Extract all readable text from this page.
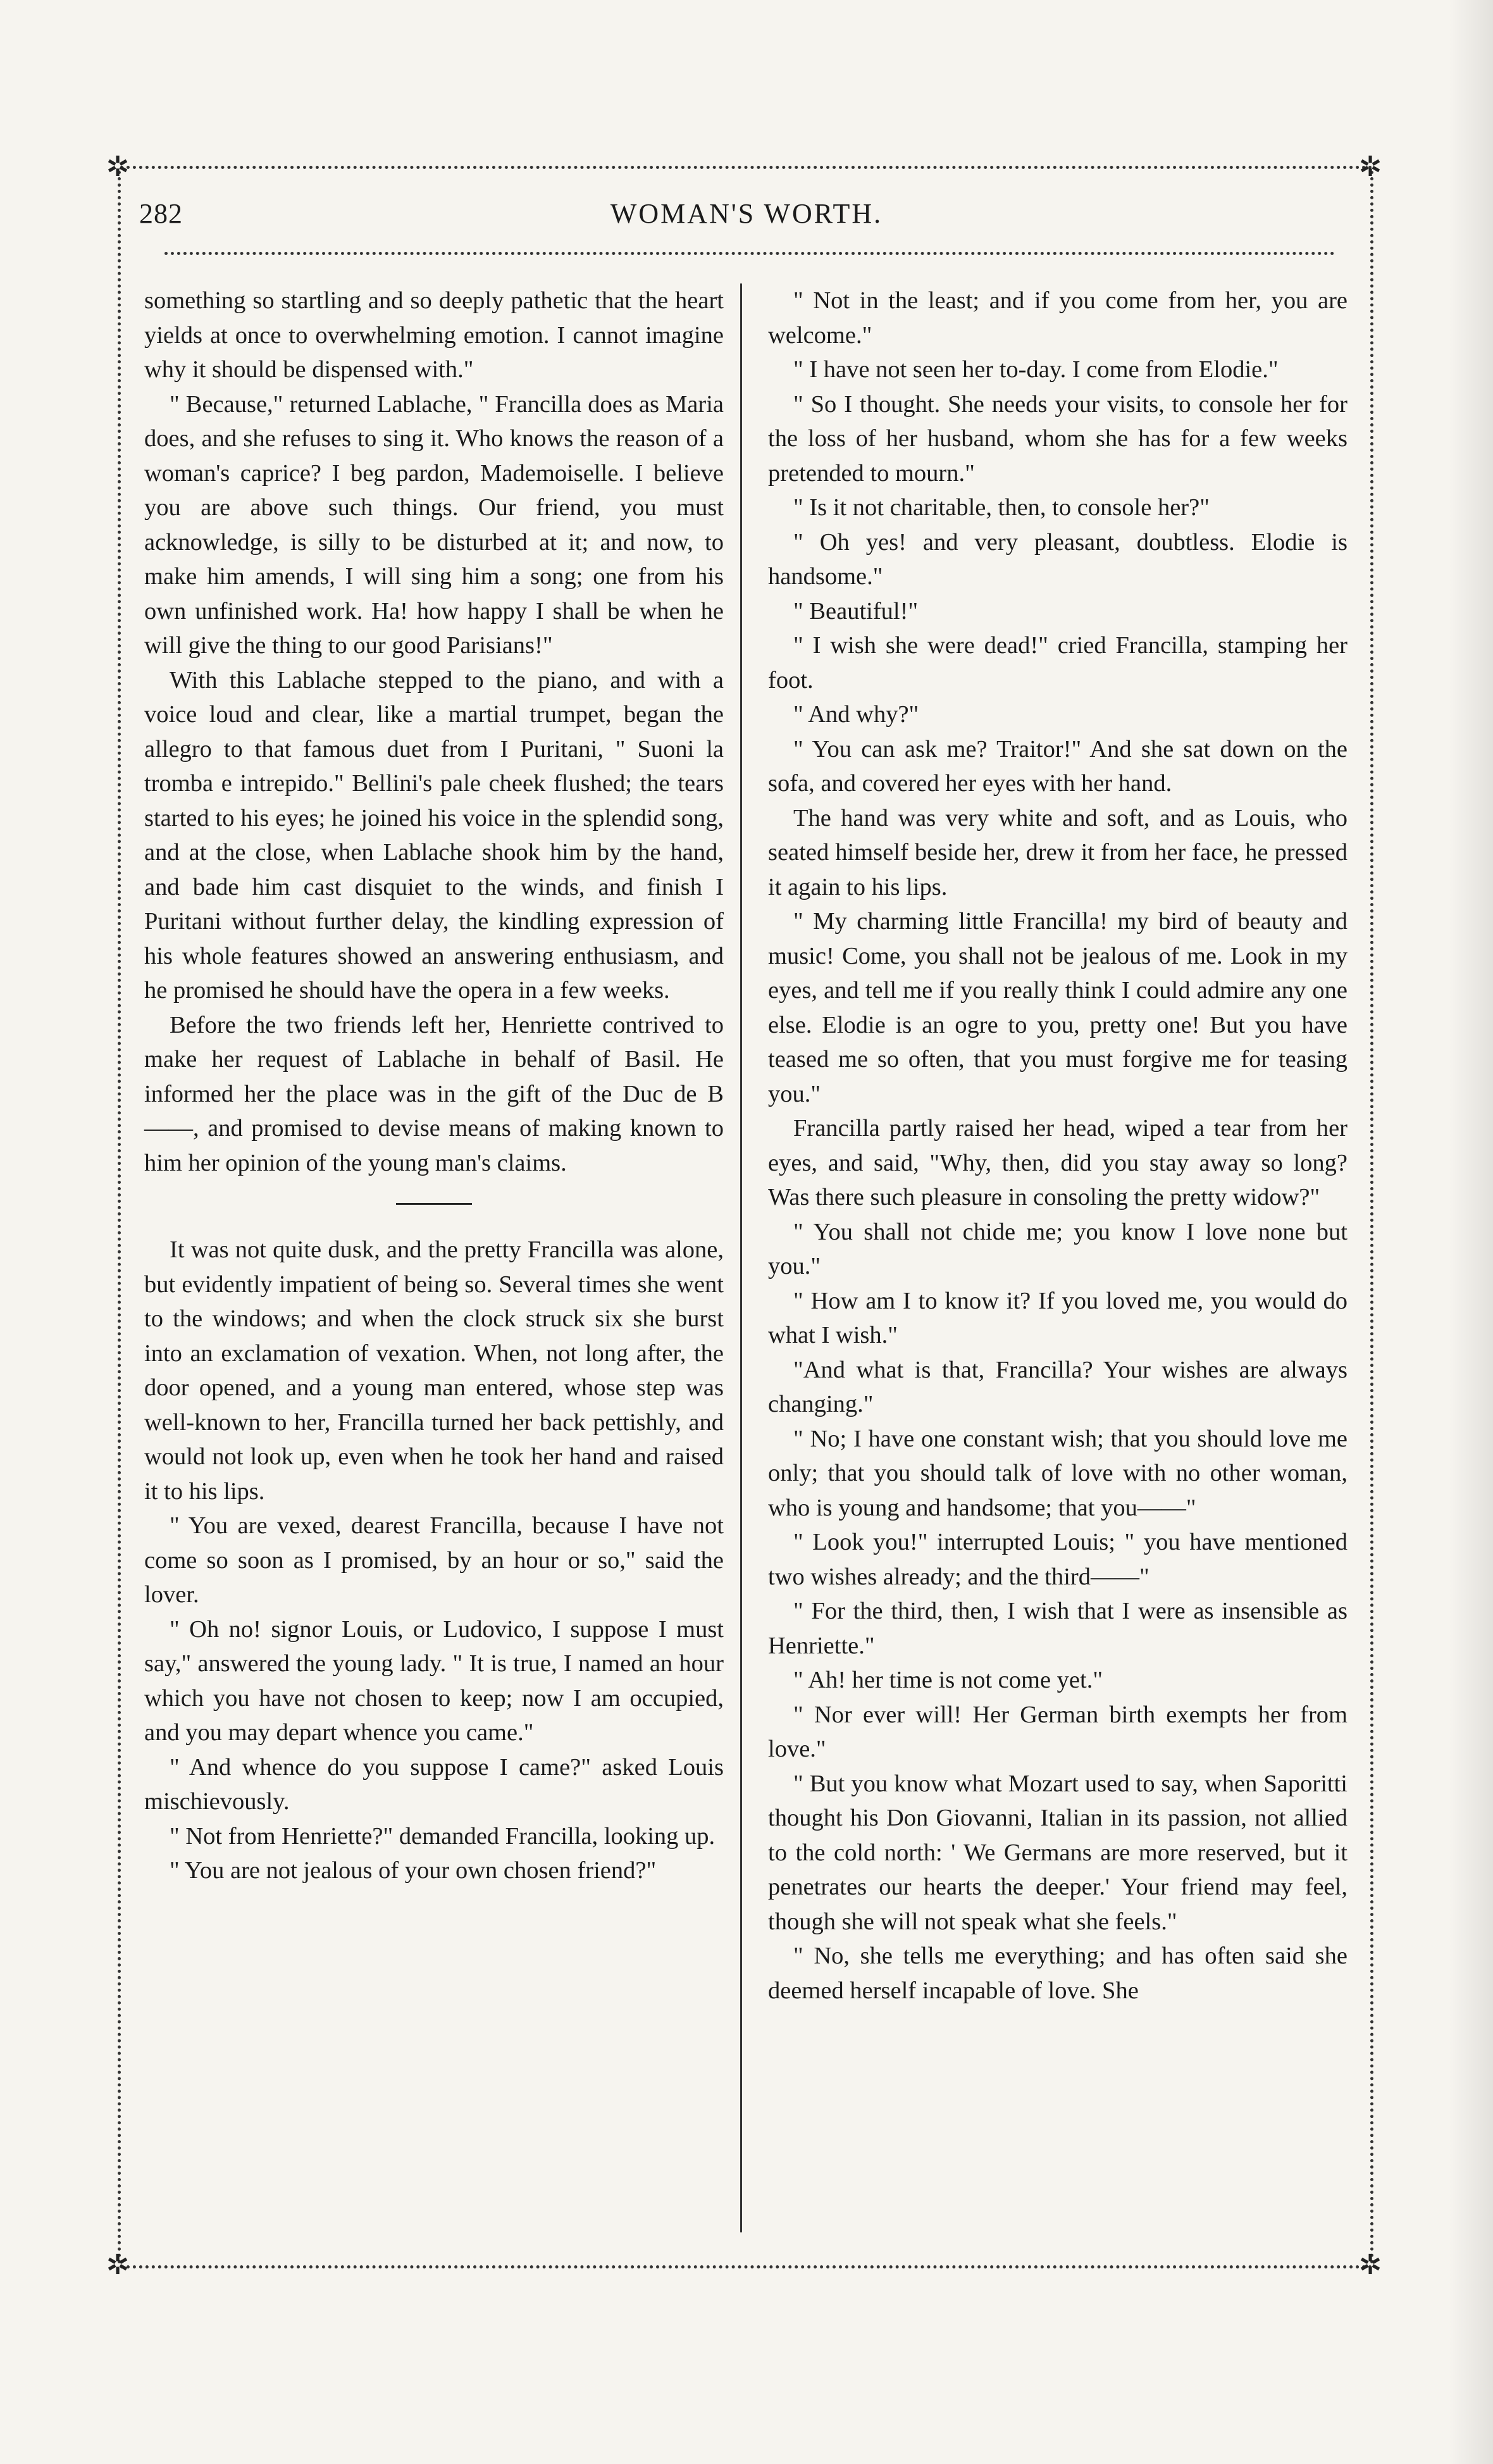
✲	✲
✲	✲
282	WOMAN'S WORTH.

something so startling and so deeply pathetic that the heart yields at once to overwhelming emotion. I cannot imagine why it should be dispensed with."

" Because," returned Lablache, " Francilla does as Maria does, and she refuses to sing it. Who knows the reason of a woman's caprice? I beg pardon, Mademoiselle. I believe you are above such things. Our friend, you must acknowledge, is silly to be disturbed at it; and now, to make him amends, I will sing him a song; one from his own unfinished work. Ha! how happy I shall be when he will give the thing to our good Parisians!"

With this Lablache stepped to the piano, and with a voice loud and clear, like a martial trumpet, began the allegro to that famous duet from I Puritani, " Suoni la tromba e intrepido." Bellini's pale cheek flushed; the tears started to his eyes; he joined his voice in the splendid song, and at the close, when Lablache shook him by the hand, and bade him cast disquiet to the winds, and finish I Puritani without further delay, the kindling expression of his whole features showed an answering enthusiasm, and he promised he should have the opera in a few weeks.

Before the two friends left her, Henriette contrived to make her request of Lablache in behalf of Basil. He informed her the place was in the gift of the Duc de B——, and promised to devise means of making known to him her opinion of the young man's claims.

It was not quite dusk, and the pretty Francilla was alone, but evidently impatient of being so. Several times she went to the windows; and when the clock struck six she burst into an exclamation of vexation. When, not long after, the door opened, and a young man entered, whose step was well-known to her, Francilla turned her back pettishly, and would not look up, even when he took her hand and raised it to his lips.

" You are vexed, dearest Francilla, because I have not come so soon as I promised, by an hour or so," said the lover.

" Oh no! signor Louis, or Ludovico, I suppose I must say," answered the young lady. " It is true, I named an hour which you have not chosen to keep; now I am occupied, and you may depart whence you came."

" And whence do you suppose I came?" asked Louis mischievously.

" Not from Henriette?" demanded Francilla, looking up.

" You are not jealous of your own chosen friend?"

" Not in the least; and if you come from her, you are welcome."

" I have not seen her to-day. I come from Elodie."

" So I thought. She needs your visits, to console her for the loss of her husband, whom she has for a few weeks pretended to mourn."

" Is it not charitable, then, to console her?"

" Oh yes! and very pleasant, doubtless. Elodie is handsome."

" Beautiful!"

" I wish she were dead!" cried Francilla, stamping her foot.

" And why?"

" You can ask me? Traitor!" And she sat down on the sofa, and covered her eyes with her hand.

The hand was very white and soft, and as Louis, who seated himself beside her, drew it from her face, he pressed it again to his lips.

" My charming little Francilla! my bird of beauty and music! Come, you shall not be jealous of me. Look in my eyes, and tell me if you really think I could admire any one else. Elodie is an ogre to you, pretty one! But you have teased me so often, that you must forgive me for teasing you."

Francilla partly raised her head, wiped a tear from her eyes, and said, "Why, then, did you stay away so long? Was there such pleasure in consoling the pretty widow?"

" You shall not chide me; you know I love none but you."

" How am I to know it? If you loved me, you would do what I wish."

"And what is that, Francilla? Your wishes are always changing."

" No; I have one constant wish; that you should love me only; that you should talk of love with no other woman, who is young and handsome; that you——"

" Look you!" interrupted Louis; " you have mentioned two wishes already; and the third——"

" For the third, then, I wish that I were as insensible as Henriette."

" Ah! her time is not come yet."

" Nor ever will! Her German birth exempts her from love."

" But you know what Mozart used to say, when Saporitti thought his Don Giovanni, Italian in its passion, not allied to the cold north: ' We Germans are more reserved, but it penetrates our hearts the deeper.' Your friend may feel, though she will not speak what she feels."

" No, she tells me everything; and has often said she deemed herself incapable of love. She
